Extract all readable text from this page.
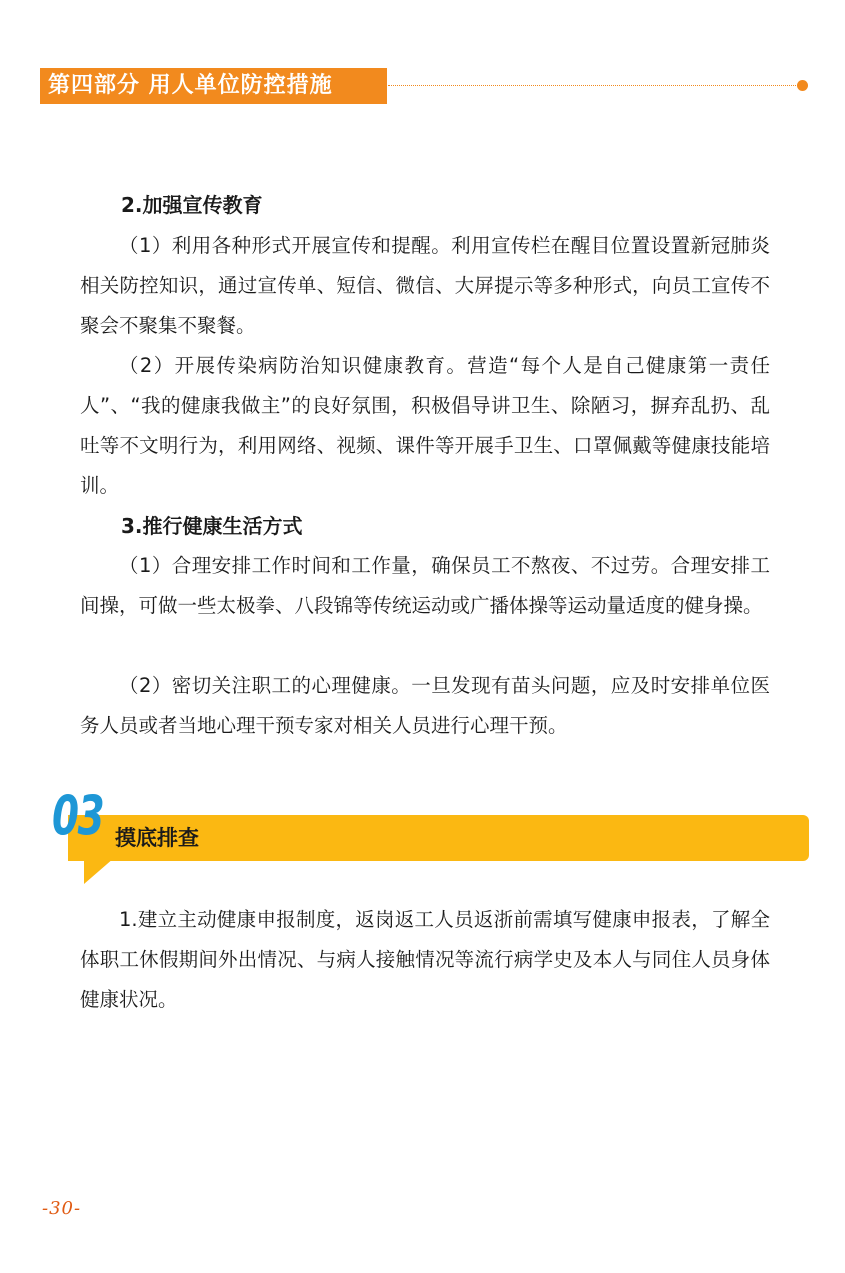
第四部分 用人单位防控措施

2.加强宣传教育

（1）利用各种形式开展宣传和提醒。利用宣传栏在醒目位置设置新冠肺炎相关防控知识，通过宣传单、短信、微信、大屏提示等多种形式，向员工宣传不聚会不聚集不聚餐。

（2）开展传染病防治知识健康教育。营造“每个人是自己健康第一责任人”、“我的健康我做主”的良好氛围，积极倡导讲卫生、除陋习，摒弃乱扔、乱吐等不文明行为，利用网络、视频、课件等开展手卫生、口罩佩戴等健康技能培训。

3.推行健康生活方式

（1）合理安排工作时间和工作量，确保员工不熬夜、不过劳。合理安排工间操，可做一些太极拳、八段锦等传统运动或广播体操等运动量适度的健身操。

（2）密切关注职工的心理健康。一旦发现有苗头问题，应及时安排单位医务人员或者当地心理干预专家对相关人员进行心理干预。

03 摸底排查

1.建立主动健康申报制度，返岗返工人员返浙前需填写健康申报表，了解全体职工休假期间外出情况、与病人接触情况等流行病学史及本人与同住人员身体健康状况。

-30-
